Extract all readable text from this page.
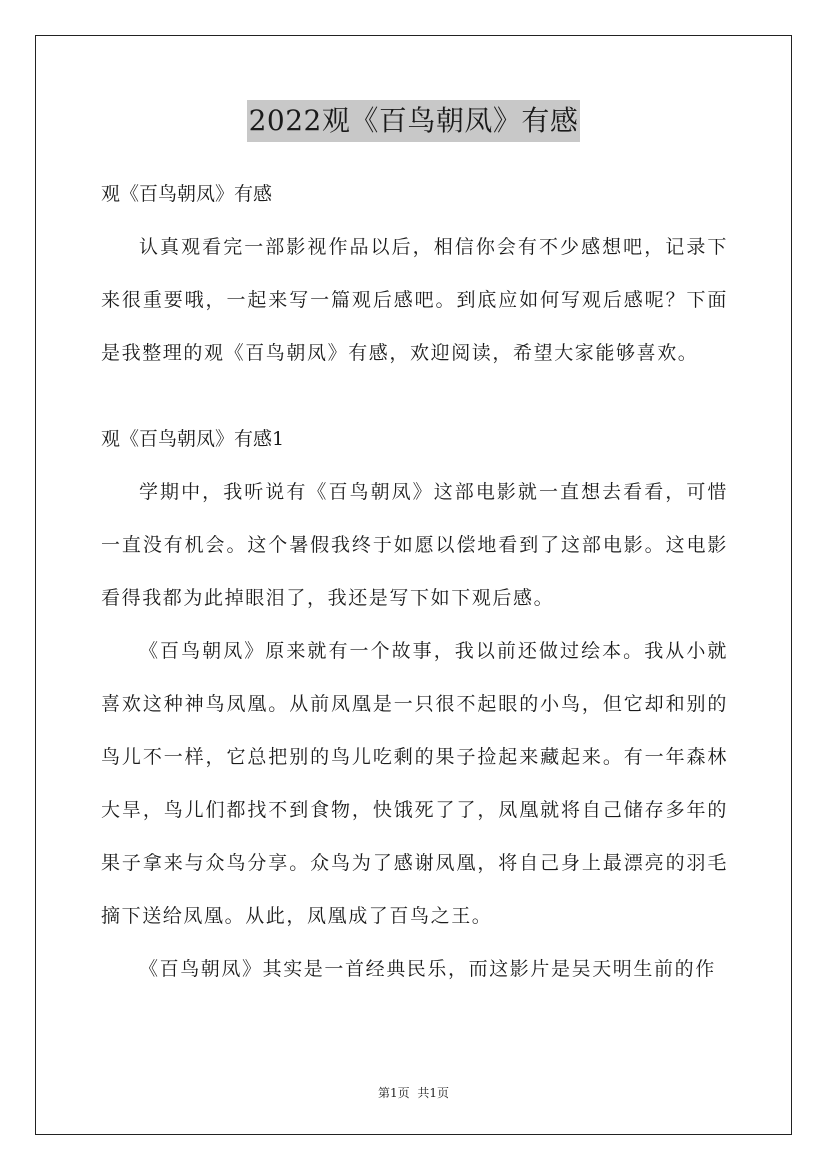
2022观《百鸟朝凤》有感

观《百鸟朝凤》有感

认真观看完一部影视作品以后，相信你会有不少感想吧，记录下来很重要哦，一起来写一篇观后感吧。到底应如何写观后感呢？下面是我整理的观《百鸟朝凤》有感，欢迎阅读，希望大家能够喜欢。

观《百鸟朝凤》有感1

学期中，我听说有《百鸟朝凤》这部电影就一直想去看看，可惜一直没有机会。这个暑假我终于如愿以偿地看到了这部电影。这电影看得我都为此掉眼泪了，我还是写下如下观后感。

《百鸟朝凤》原来就有一个故事，我以前还做过绘本。我从小就喜欢这种神鸟凤凰。从前凤凰是一只很不起眼的小鸟，但它却和别的鸟儿不一样，它总把别的鸟儿吃剩的果子捡起来藏起来。有一年森林大旱，鸟儿们都找不到食物，快饿死了了，凤凰就将自己储存多年的果子拿来与众鸟分享。众鸟为了感谢凤凰，将自己身上最漂亮的羽毛摘下送给凤凰。从此，凤凰成了百鸟之王。

《百鸟朝凤》其实是一首经典民乐，而这影片是吴天明生前的作

第1页 共1页
